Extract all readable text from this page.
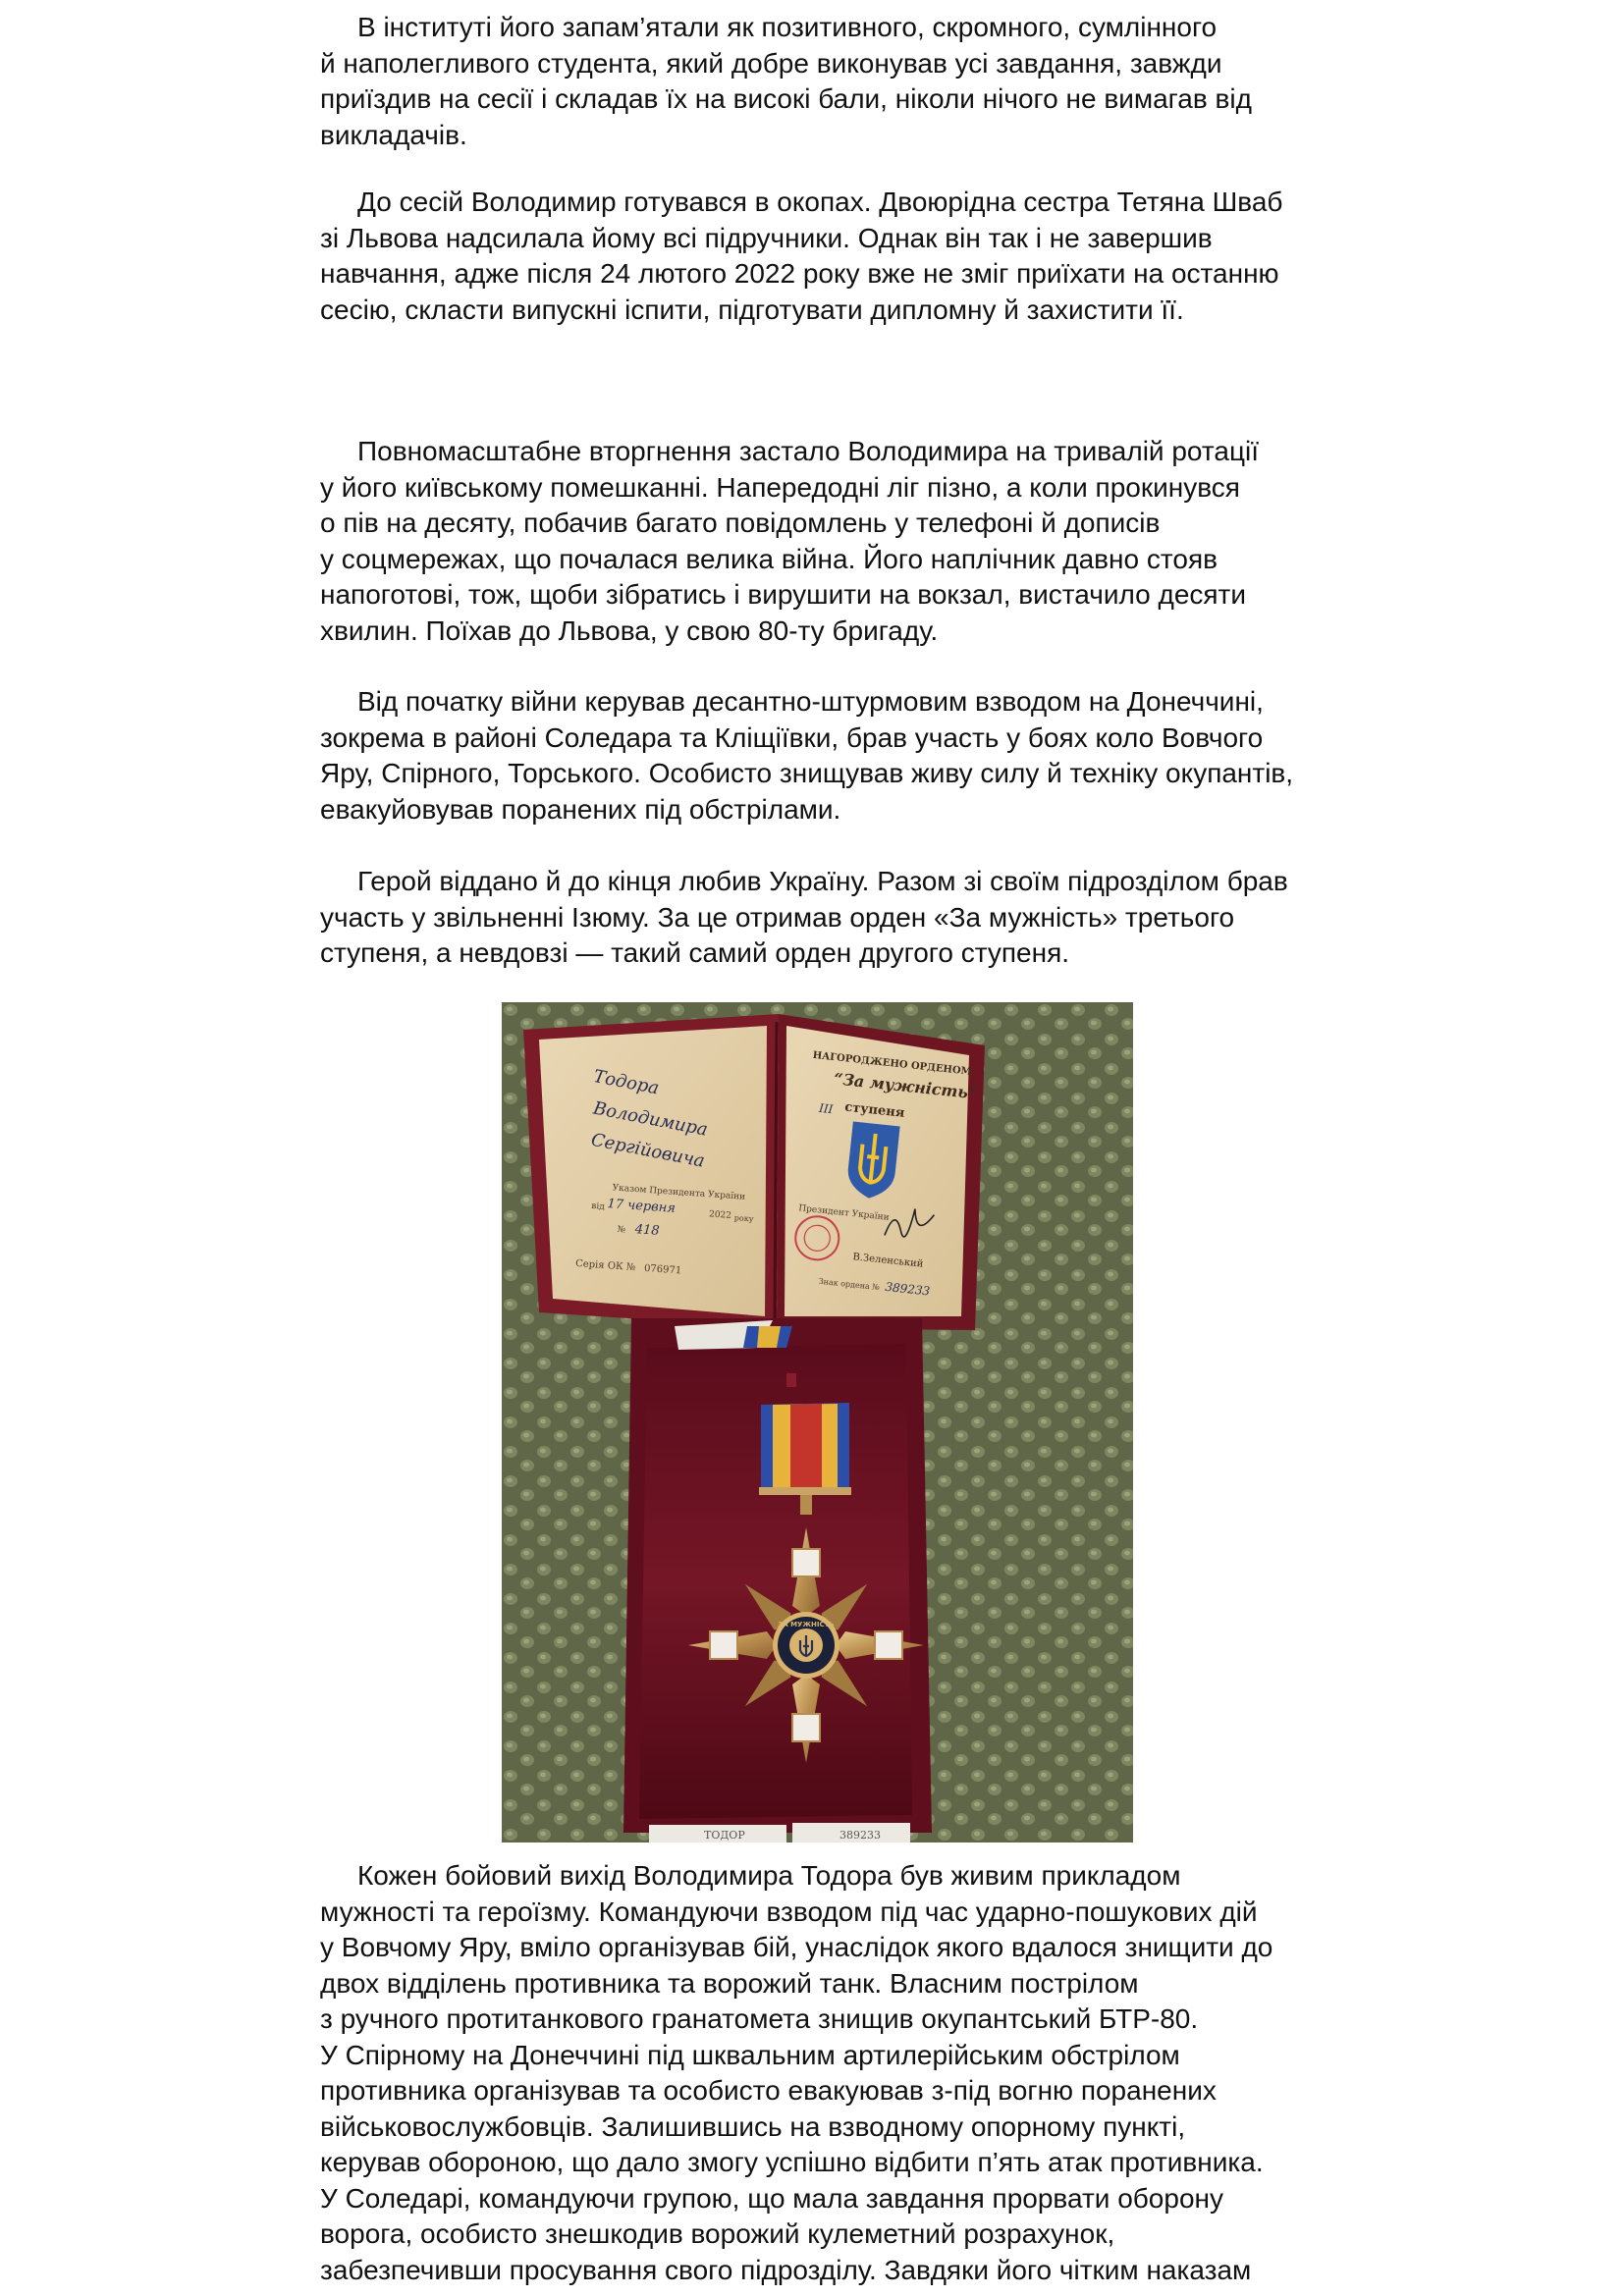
В інституті його запам’ятали як позитивного, скромного, сумлінного

й наполегливого студента, який добре виконував усі завдання, завжди

приїздив на сесії і складав їх на високі бали, ніколи нічого не вимагав від

викладачів.

До сесій Володимир готувався в окопах. Двоюрідна сестра Тетяна Шваб

зі Львова надсилала йому всі підручники. Однак він так і не завершив

навчання, адже після 24 лютого 2022 року вже не зміг приїхати на останню

сесію, скласти випускні іспити, підготувати дипломну й захистити її.

Повномасштабне вторгнення застало Володимира на тривалій ротації

у його київському помешканні. Напередодні ліг пізно, а коли прокинувся

о пів на десяту, побачив багато повідомлень у телефоні й дописів

у соцмережах, що почалася велика війна. Його наплічник давно стояв

напоготові, тож, щоби зібратись і вирушити на вокзал, вистачило десяти

хвилин. Поїхав до Львова, у свою 80-ту бригаду.

Від початку війни керував десантно-штурмовим взводом на Донеччині,

зокрема в районі Соледара та Кліщіївки, брав участь у боях коло Вовчого

Яру, Спірного, Торського. Особисто знищував живу силу й техніку окупантів,

евакуйовував поранених під обстрілами.

Герой віддано й до кінця любив Україну. Разом зі своїм підрозділом брав

участь у звільненні Ізюму. За це отримав орден «За мужність» третього

ступеня, а невдовзі — такий самий орден другого ступеня.

Тодора
Володимира
Сергійовича
Указом Президента України
від 17 червня	2022 року
№ 418
Серія ОК № 076971
НАГОРОДЖЕНО ОРДЕНОМ
“За мужність”
III ступеня
Президент України
В.Зеленський
Знак ордена № 389233
ЗА МУЖНІСТЬ
ТОДОР	389233

Кожен бойовий вихід Володимира Тодора був живим прикладом

мужності та героїзму. Командуючи взводом під час ударно-пошукових дій

у Вовчому Яру, вміло організував бій, унаслідок якого вдалося знищити до

двох відділень противника та ворожий танк. Власним пострілом

з ручного протитанкового гранатомета знищив окупантський БТР-80.

У Спірному на Донеччині під шквальним артилерійським обстрілом

противника організував та особисто евакуював з-під вогню поранених

військовослужбовців. Залишившись на взводному опорному пункті,

керував обороною, що дало змогу успішно відбити п’ять атак противника.

У Соледарі, командуючи групою, що мала завдання прорвати оборону

ворога, особисто знешкодив ворожий кулеметний розрахунок,

забезпечивши просування свого підрозділу. Завдяки його чітким наказам
